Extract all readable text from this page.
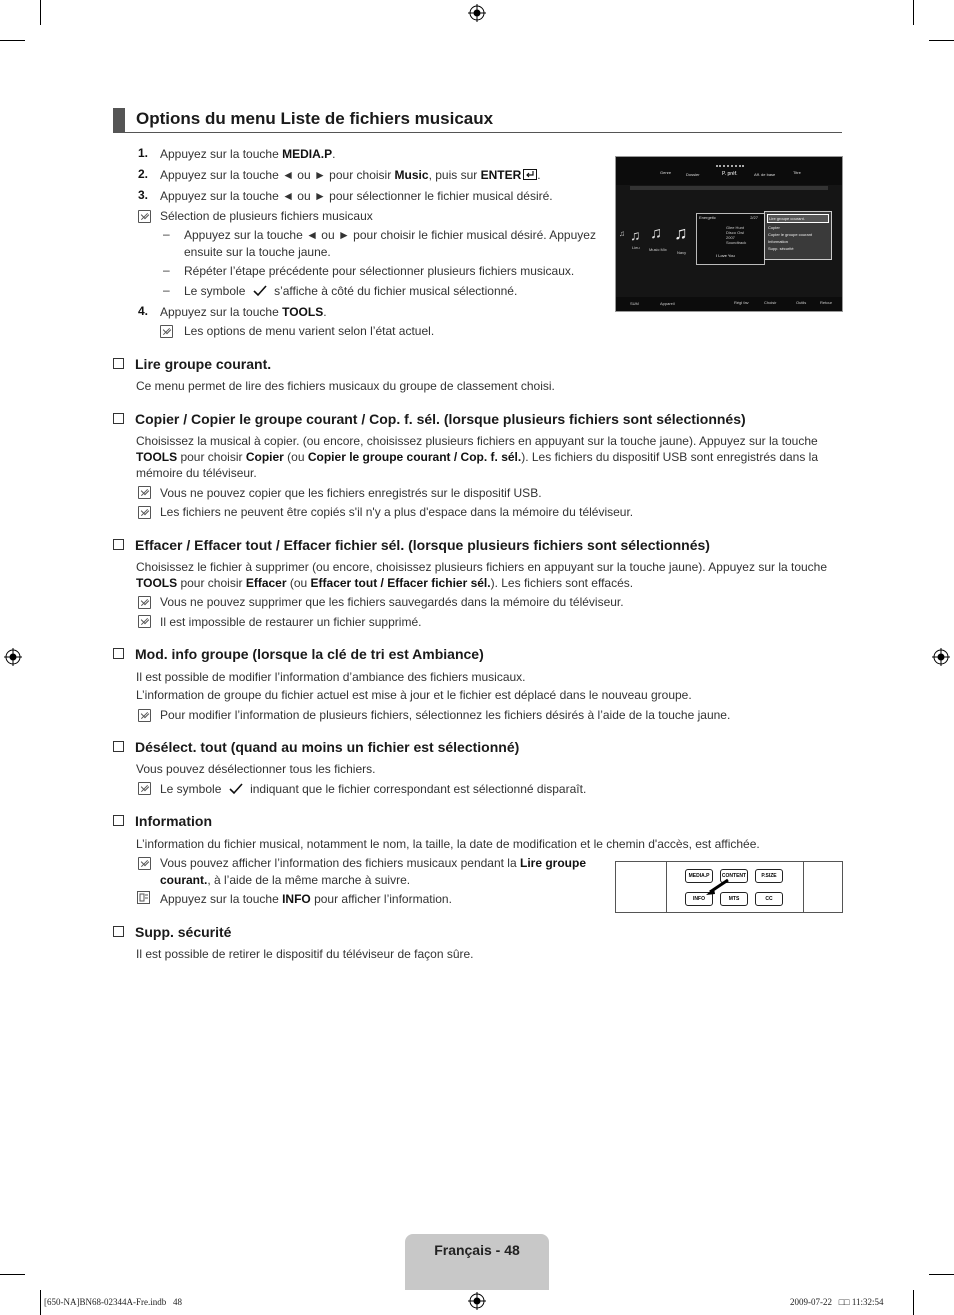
Options du menu Liste de fichiers musicaux
1. Appuyez sur la touche MEDIA.P.
2. Appuyez sur la touche ◄ ou ► pour choisir Music, puis sur ENTER .
3. Appuyez sur la touche ◄ ou ► pour sélectionner le fichier musical désiré.
Sélection de plusieurs fichiers musicaux
– Appuyez sur la touche ◄ ou ► pour choisir le fichier musical désiré. Appuyez
ensuite sur la touche jaune.
– Répéter l’étape précédente pour sélectionner plusieurs fichiers musicaux.
– Le symbole s’affiche à côté du fichier musical sélectionné.
4. Appuyez sur la touche TOOLS.
Les options de menu varient selon l’état actuel.
Genre	Dossier	P. préf.	Aff. de base	Titre
♫ ♫
Lieu
♫
Music Mix
♫
Navy
Energetic	2/27
Glee Hunt
Disco Owl
2007
Soundtrack
I Love You
Lire groupe courant.
Copier
Copier le groupe courant
Information
Supp. sécurité
SUM	Appareil	Régl fav	Choisir	Outils	Retour
Lire groupe courant.
Ce menu permet de lire des fichiers musicaux du groupe de classement choisi.
Copier / Copier le groupe courant / Cop. f. sél. (lorsque plusieurs fichiers sont sélectionnés)
Choisissez la musical à copier. (ou encore, choisissez plusieurs fichiers en appuyant sur la touche jaune). Appuyez sur la touche
TOOLS pour choisir Copier (ou Copier le groupe courant / Cop. f. sél.). Les fichiers du dispositif USB sont enregistrés dans la
mémoire du téléviseur.
Vous ne pouvez copier que les fichiers enregistrés sur le dispositif USB.
Les fichiers ne peuvent être copiés s'il n'y a plus d'espace dans la mémoire du téléviseur.
Effacer / Effacer tout / Effacer fichier sél. (lorsque plusieurs fichiers sont sélectionnés)
Choisissez le fichier à supprimer (ou encore, choisissez plusieurs fichiers en appuyant sur la touche jaune). Appuyez sur la touche
TOOLS pour choisir Effacer (ou Effacer tout / Effacer fichier sél.). Les fichiers sont effacés.
Vous ne pouvez supprimer que les fichiers sauvegardés dans la mémoire du téléviseur.
Il est impossible de restaurer un fichier supprimé.
Mod. info groupe (lorsque la clé de tri est Ambiance)
Il est possible de modifier l’information d’ambiance des fichiers musicaux.
L’information de groupe du fichier actuel est mise à jour et le fichier est déplacé dans le nouveau groupe.
Pour modifier l’information de plusieurs fichiers, sélectionnez les fichiers désirés à l’aide de la touche jaune.
Désélect. tout (quand au moins un fichier est sélectionné)
Vous pouvez désélectionner tous les fichiers.
Le symbole indiquant que le fichier correspondant est sélectionné disparaît.
Information
L’information du fichier musical, notamment le nom, la taille, la date de modification et le chemin d'accès, est affichée.
Vous pouvez afficher l’information des fichiers musicaux pendant la Lire groupe
courant., à l’aide de la même marche à suivre.
Appuyez sur la touche INFO pour afficher l’information.
MEDIA.P	CONTENT	P.SIZE
INFO	MTS	CC
Supp. sécurité
Il est possible de retirer le dispositif du téléviseur de façon sûre.
Français - 48
[650-NA]BN68-02344A-Fre.indb   48	2009-07-22   □□ 11:32:54
